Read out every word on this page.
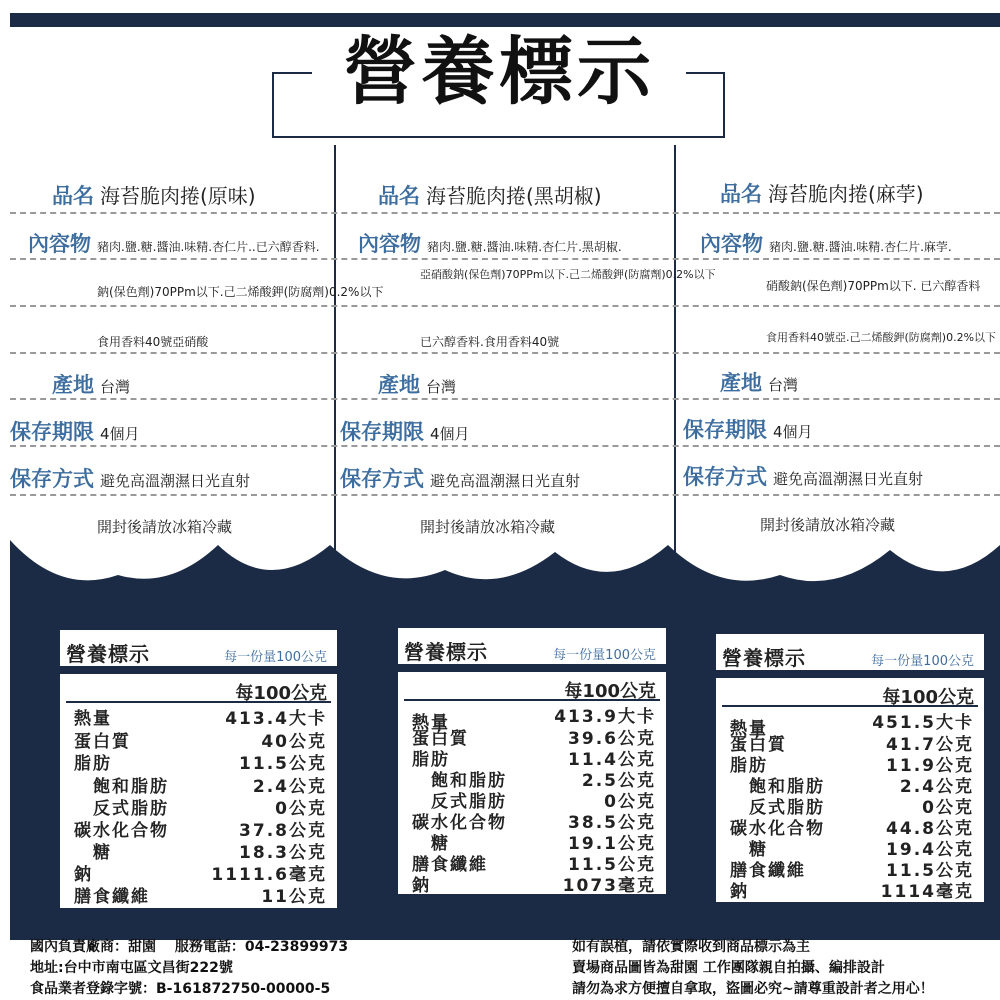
營養標示
品名 海苔脆肉捲(原味)
內容物 豬肉.鹽.糖.醬油.味精.杏仁片..已六醇香料.
鈉(保色劑)70PPm以下.己二烯酸鉀(防腐劑)0.2%以下
食用香料40號亞硝酸
產地 台灣
保存期限 4個月
保存方式 避免高溫潮濕日光直射
開封後請放冰箱冷藏
品名 海苔脆肉捲(黑胡椒)
內容物 豬肉.鹽.糖.醬油.味精.杏仁片.黑胡椒.
亞硝酸鈉(保色劑)70PPm以下.己二烯酸鉀(防腐劑)0.2%以下
已六醇香料.食用香料40號
產地 台灣
保存期限 4個月
保存方式 避免高溫潮濕日光直射
開封後請放冰箱冷藏
品名 海苔脆肉捲(麻荢)
內容物 豬肉.鹽.糖.醬油.味精.杏仁片.麻荢.
硝酸鈉(保色劑)70PPm以下. 已六醇香料
食用香料40號亞.己二烯酸鉀(防腐劑)0.2%以下
產地 台灣
保存期限 4個月
保存方式 避免高溫潮濕日光直射
開封後請放冰箱冷藏
營養標示	每一份量100公克
每100公克
熱量	413.4大卡
蛋白質	40公克
脂肪	11.5公克
　飽和脂肪	2.4公克
　反式脂肪	0公克
碳水化合物	37.8公克
　糖	18.3公克
鈉	1111.6毫克
膳食纖維	11公克
營養標示	每一份量100公克
每100公克
熱量	413.9大卡
蛋白質	39.6公克
脂肪	11.4公克
　飽和脂肪	2.5公克
　反式脂肪	0公克
碳水化合物	38.5公克
　糖	19.1公克
膳食纖維	11.5公克
鈉	1073毫克
營養標示	每一份量100公克
每100公克
熱量	451.5大卡
蛋白質	41.7公克
脂肪	11.9公克
　飽和脂肪	2.4公克
　反式脂肪	0公克
碳水化合物	44.8公克
　糖	19.4公克
膳食纖維	11.5公克
鈉	1114毫克
國內負責廠商：甜園　 服務電話：04-23899973
地址:台中市南屯區文昌街222號
食品業者登錄字號：B-161872750-00000-5
如有誤植，請依實際收到商品標示為主
賣場商品圖皆為甜園 工作團隊親自拍攝、編排設計
請勿為求方便擅自拿取，盜圖必究~請尊重設計者之用心！
